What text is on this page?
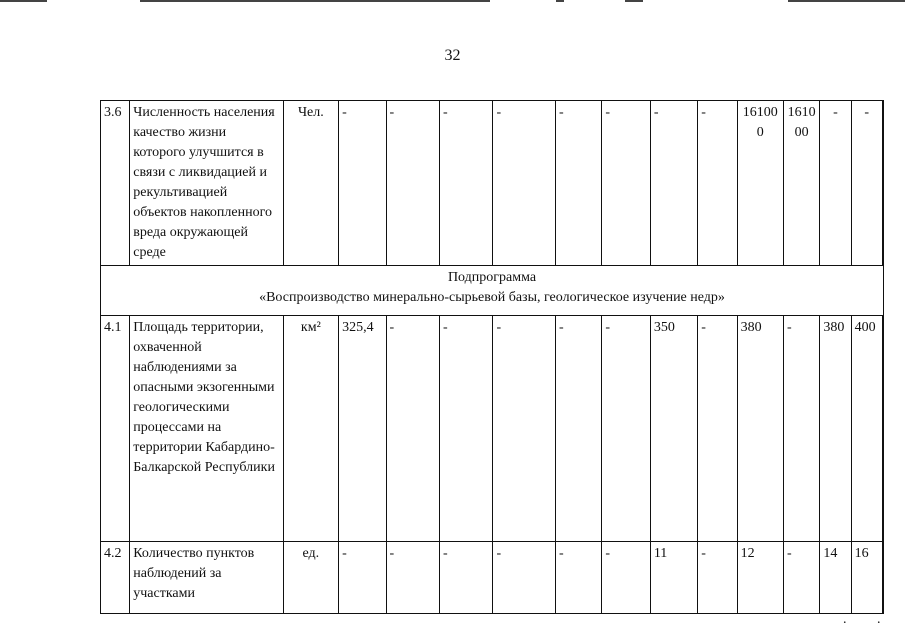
32
3.6	Численность населения качество жизни которого улучшится в связи с ликвидацией и рекультивацией объектов накопленного вреда окружающей среде	Чел.	-	-	-	-	-	-	-	-	161000	161000	-	-	

Подпрограмма
«Воспроизводство минерально-сырьевой базы, геологическое изучение недр»															

4.1	Площадь территории, охваченной наблюдениями за опасными экзогенными геологическими процессами на территории Кабардино-Балкарской Республики	км²	325,4	-	-	-	-	-	350	-	380	-	380	400	
4.2	Количество пунктов наблюдений за участками	ед.	-	-	-	-	-	-	11	-	12	-	14	16	
. .
